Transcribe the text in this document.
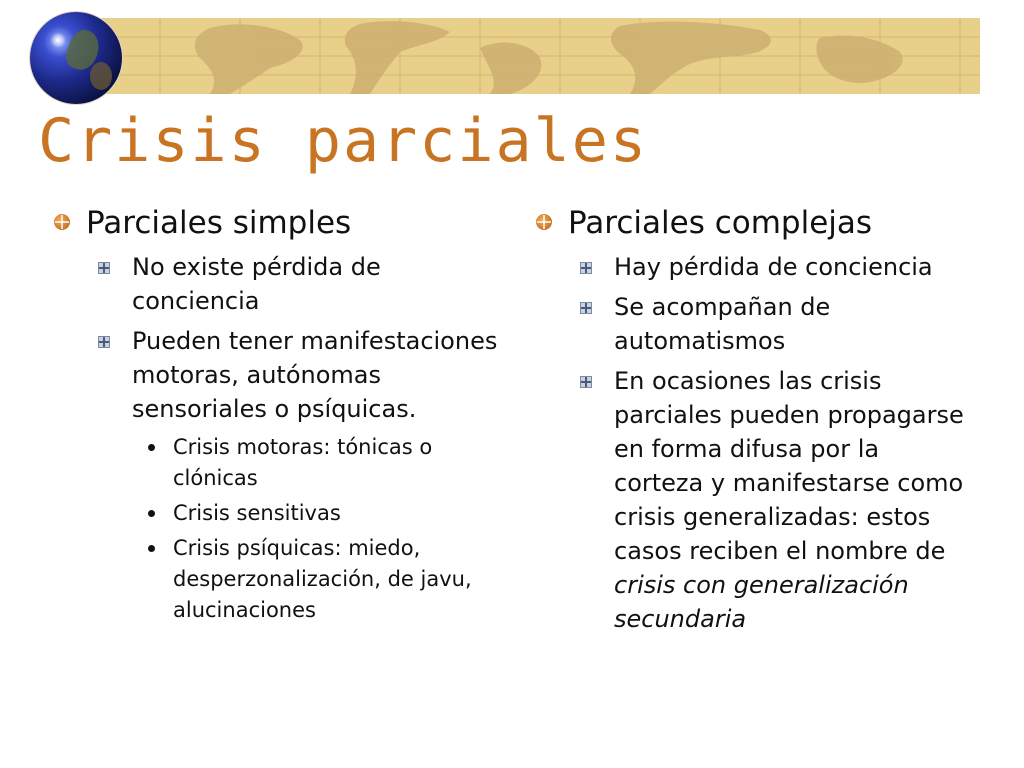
Crisis parciales
Parciales simples
No existe pérdida de conciencia
Pueden tener manifestaciones motoras, autónomas sensoriales o psíquicas.
Crisis motoras: tónicas o clónicas
Crisis sensitivas
Crisis psíquicas: miedo, desperzonalización, de javu, alucinaciones
Parciales complejas
Hay pérdida de conciencia
Se acompañan de automatismos
En ocasiones las crisis parciales pueden propagarse en forma difusa por la corteza y manifestarse como crisis generalizadas: estos casos reciben el nombre de crisis con generalización secundaria
